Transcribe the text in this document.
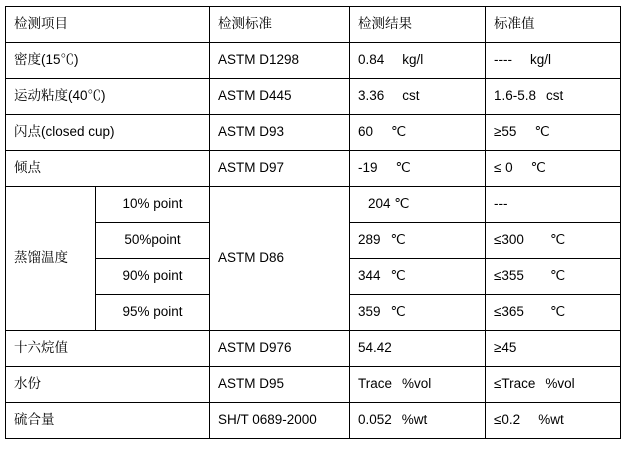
检测项目		检测标准	检测结果	标准值

密度(15℃)		ASTM D1298	0.84 kg/l	---- kg/l

运动粘度(40℃)		ASTM D445	3.36 cst	1.6-5.8 cst

闪点(closed cup)		ASTM D93	60 ℃	≥55 ℃

倾点		ASTM D97	-19 ℃	≤ 0 ℃

蒸馏温度	10% point	ASTM D86	204 ℃	---

	50%point		289 ℃	≤300 ℃

	90% point		344 ℃	≤355 ℃

	95% point		359 ℃	≤365 ℃

十六烷值		ASTM D976	54.42	≥45

水份		ASTM D95	Trace %vol	≤Trace %vol

硫合量		SH/T 0689-2000	0.052 %wt	≤0.2 %wt
